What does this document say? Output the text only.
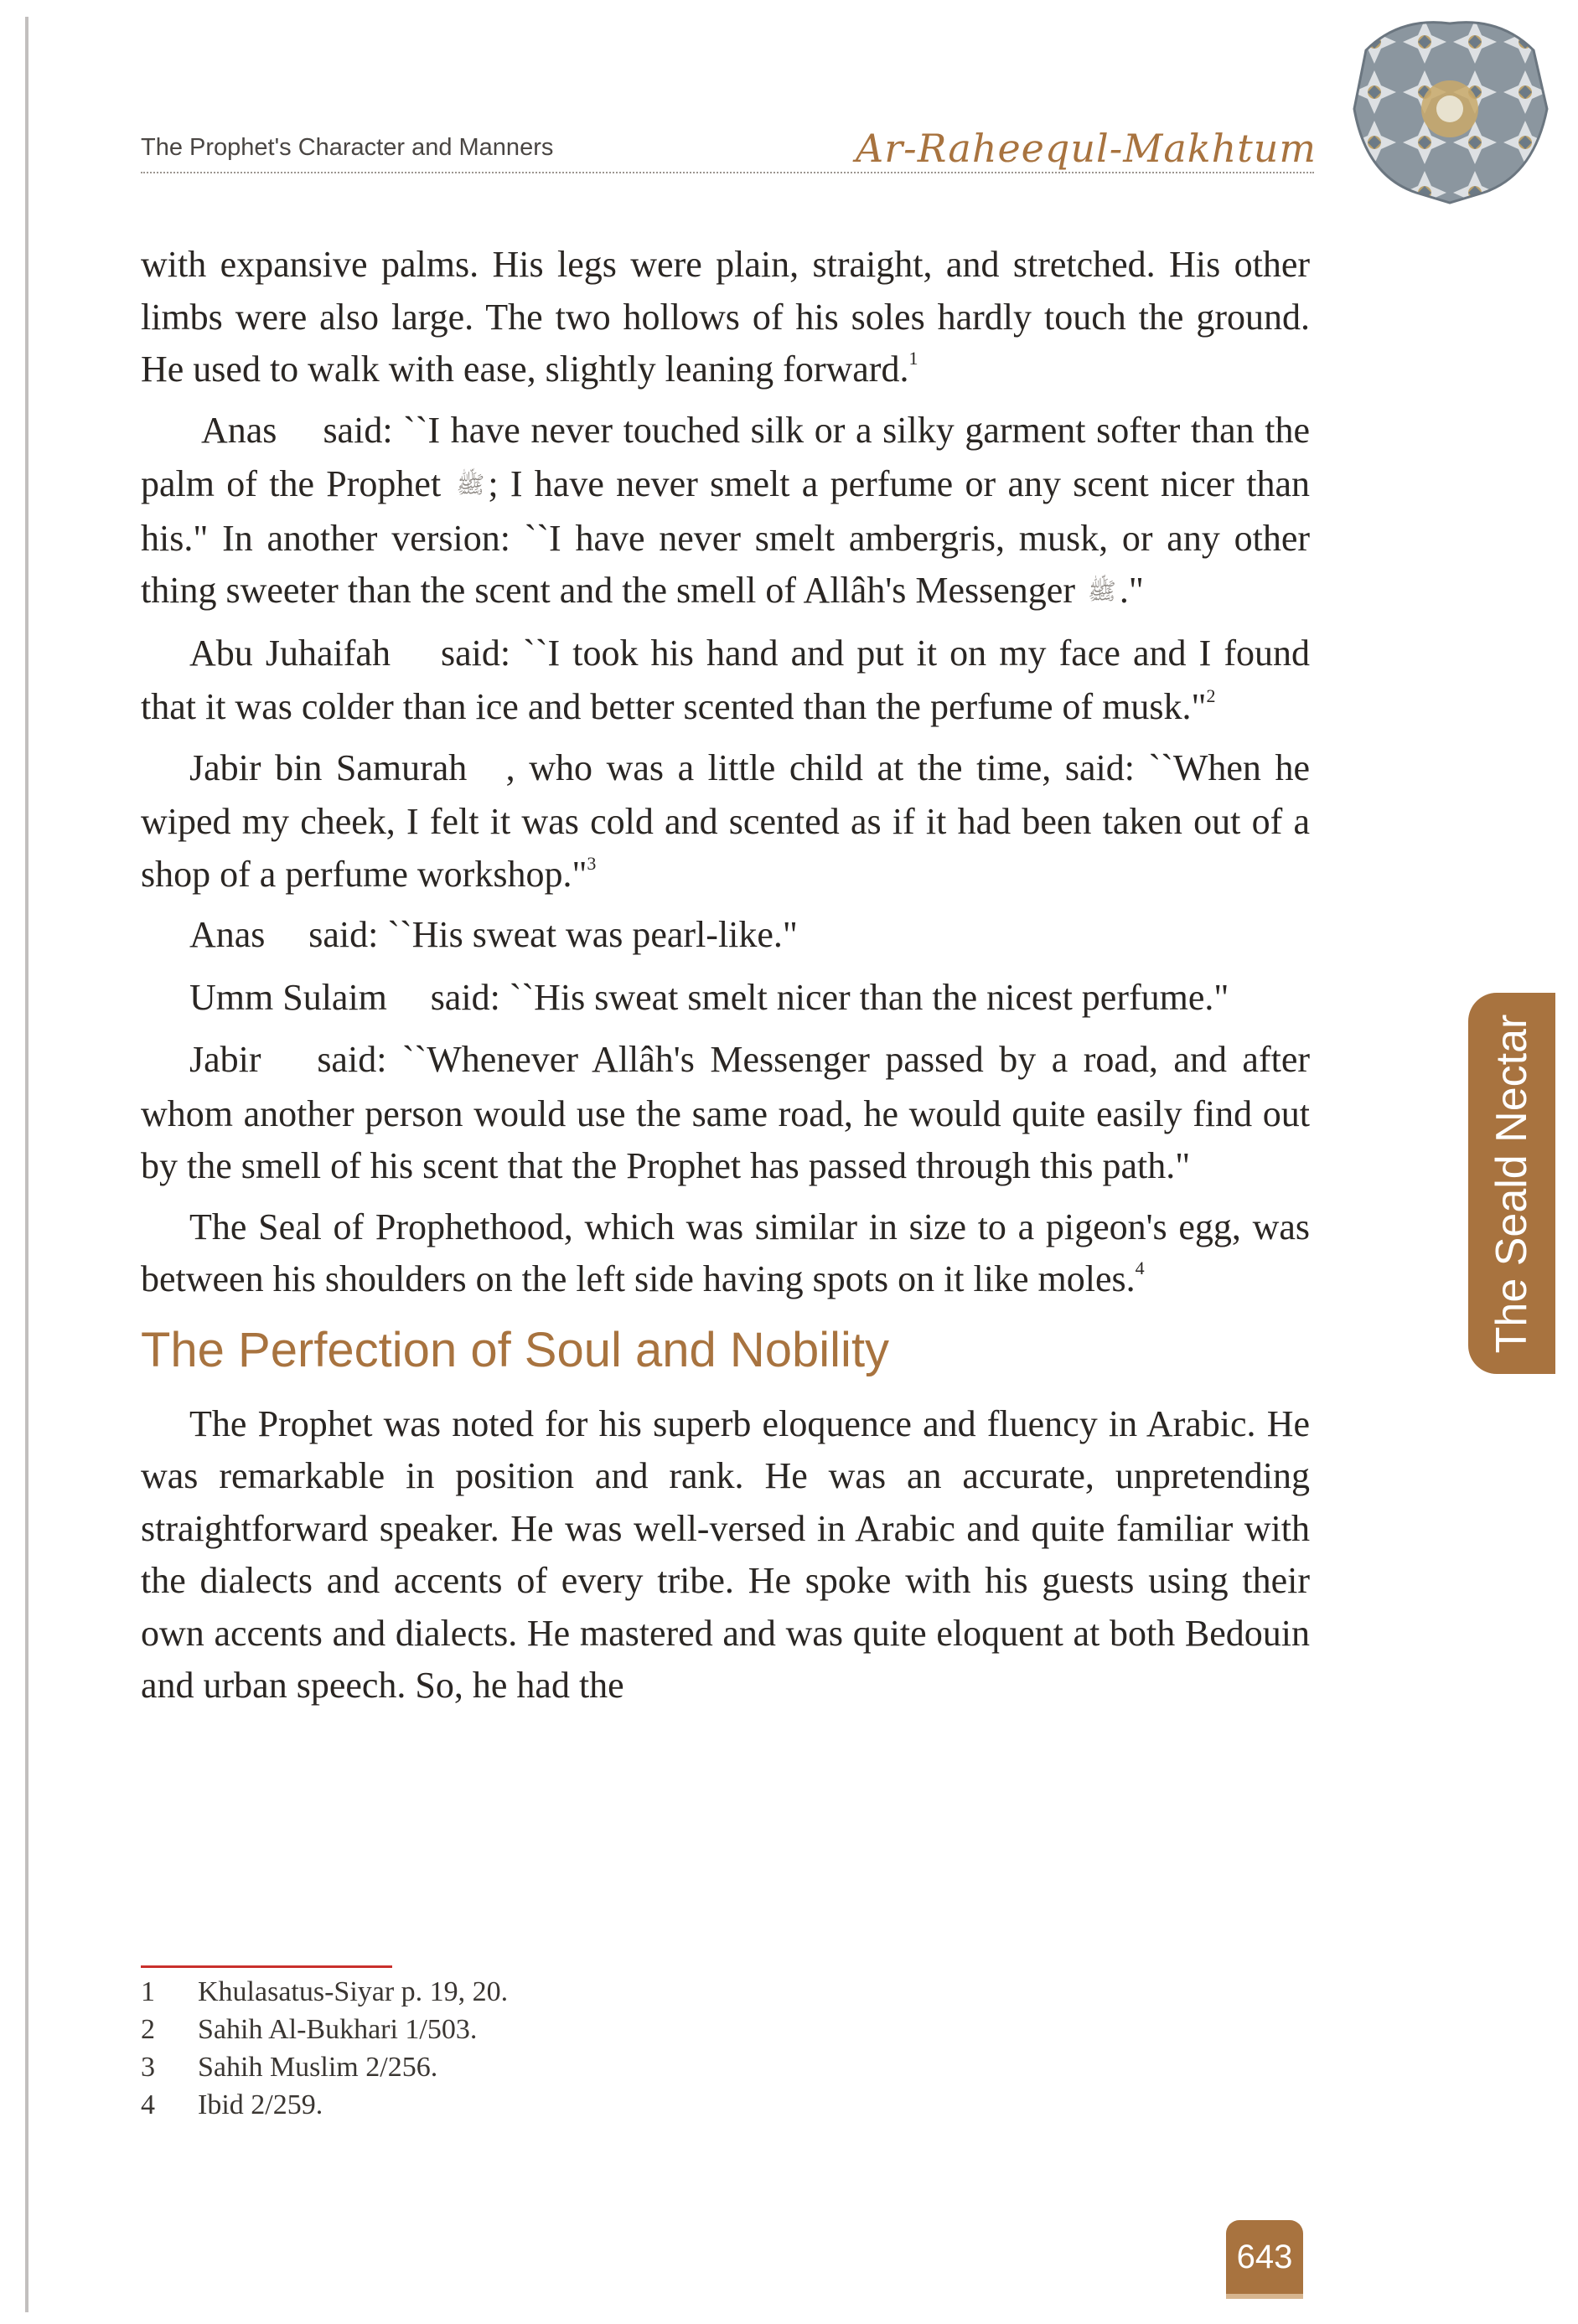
The Prophet's Character and Manners	Ar-Raheequl-Makhtum
The Seald Nectar

with expansive palms. His legs were plain, straight, and stretched. His other limbs were also large. The two hollows of his soles hardly touch the ground. He used to walk with ease, slightly leaning forward.$^1$

Anas ﷜ said: ``I have never touched silk or a silky garment softer than the palm of the Prophet ﷺ; I have never smelt a perfume or any scent nicer than his." In another version: ``I have never smelt ambergris, musk, or any other thing sweeter than the scent and the smell of Allâh's Messenger ﷺ."

Abu Juhaifah ﷜ said: ``I took his hand and put it on my face and I found that it was colder than ice and better scented than the perfume of musk."$^2$

Jabir bin Samurah ﷜, who was a little child at the time, said: ``When he wiped my cheek, I felt it was cold and scented as if it had been taken out of a shop of a perfume workshop."$^3$

Anas ﷜ said: ``His sweat was pearl-like."

Umm Sulaim ﷜ said: ``His sweat smelt nicer than the nicest perfume."

Jabir ﷜ said: ``Whenever Allâh's Messenger passed by a road, and after whom another person would use the same road, he would quite easily find out by the smell of his scent that the Prophet has passed through this path."

The Seal of Prophethood, which was similar in size to a pigeon's egg, was between his shoulders on the left side having spots on it like moles.$^4$

The Perfection of Soul and Nobility

The Prophet was noted for his superb eloquence and fluency in Arabic. He was remarkable in position and rank. He was an accurate, unpretending straightforward speaker. He was well-versed in Arabic and quite familiar with the dialects and accents of every tribe. He spoke with his guests using their own accents and dialects. He mastered and was quite eloquent at both Bedouin and urban speech. So, he had the

1	Khulasatus-Siyar p. 19, 20.
2	Sahih Al-Bukhari 1/503.
3	Sahih Muslim 2/256.
4	Ibid 2/259.
643
